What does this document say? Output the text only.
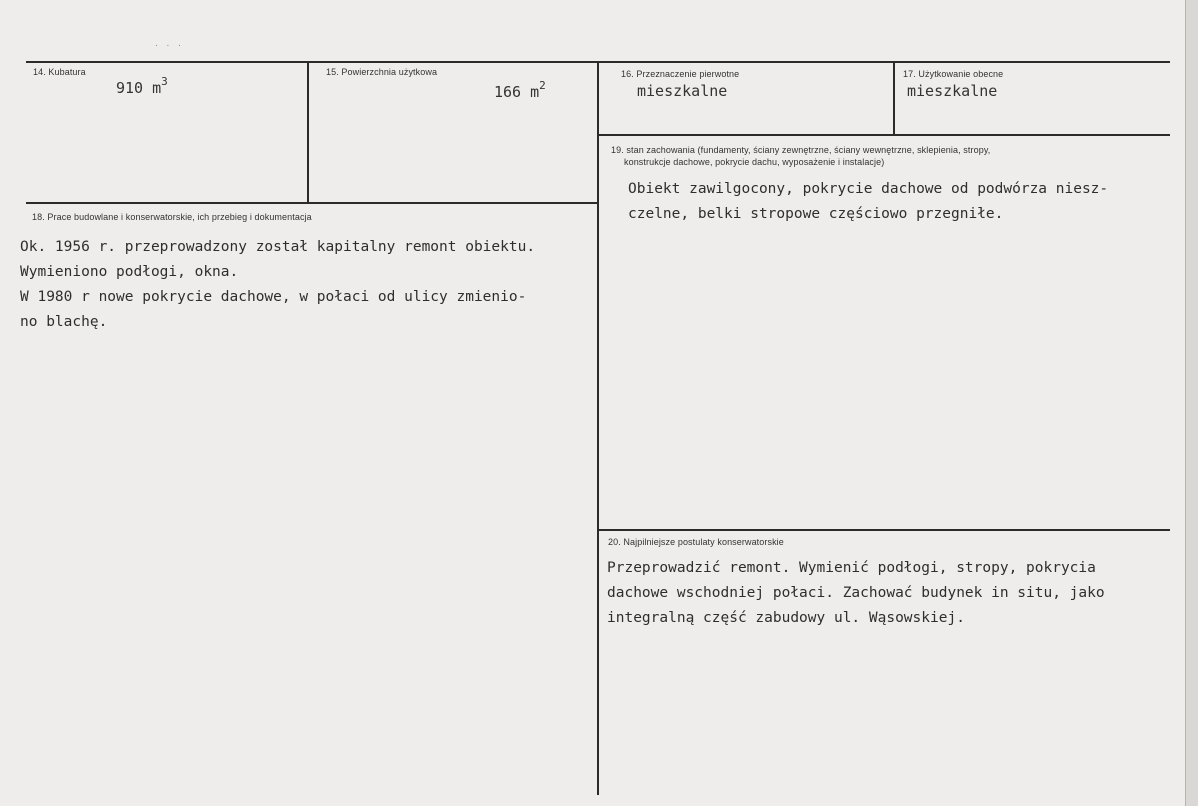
. . .
14. Kubatura
910 $m^3$
15. Powierzchnia użytkowa
166 $m^2$
16. Przeznaczenie pierwotne
mieszkalne
17. Użytkowanie obecne
mieszkalne
18. Prace budowlane i konserwatorskie, ich przebieg i dokumentacja
Ok. 1956 r. przeprowadzony został kapitalny remont obiektu.
Wymieniono podłogi, okna.
W 1980 r nowe pokrycie dachowe, w połaci od ulicy zmienio-
no blachę.
19. stan zachowania (fundamenty, ściany zewnętrzne, ściany wewnętrzne, sklepienia, stropy,
konstrukcje dachowe, pokrycie dachu, wyposażenie i instalacje)
Obiekt zawilgocony, pokrycie dachowe od podwórza niesz-
czelne, belki stropowe częściowo przegniłe.
20. Najpilniejsze postulaty konserwatorskie
Przeprowadzić remont. Wymienić podłogi, stropy, pokrycia
dachowe wschodniej połaci. Zachować budynek in situ, jako
integralną część zabudowy ul. Wąsowskiej.
